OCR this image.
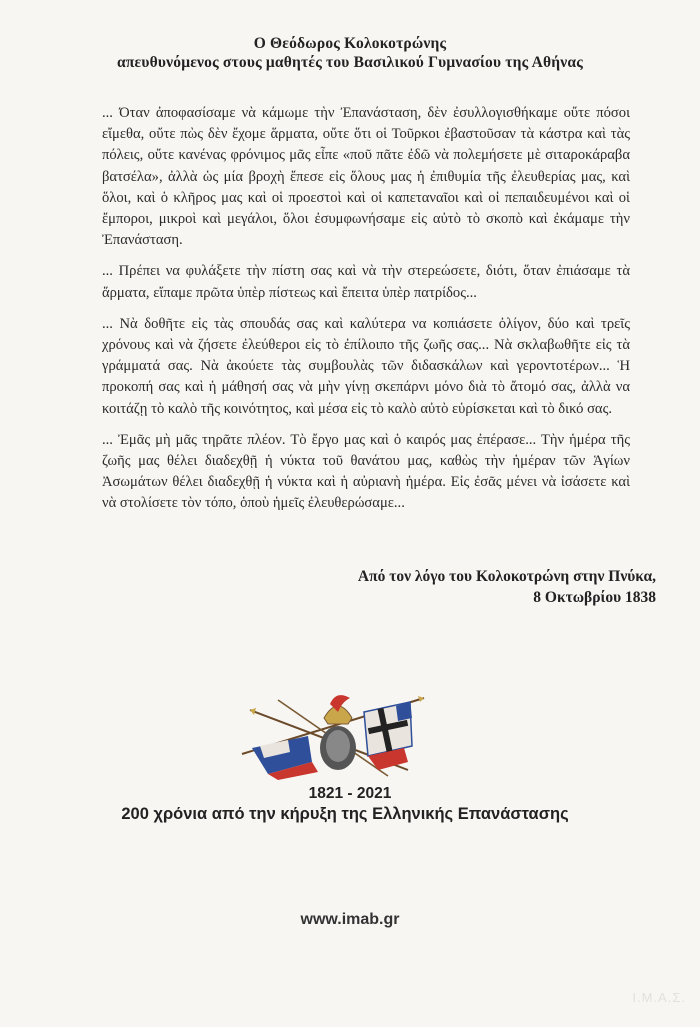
Ο Θεόδωρος Κολοκοτρώνης
απευθυνόμενος στους μαθητές του Βασιλικού Γυμνασίου της Αθήνας

... Όταν ἀποφασίσαμε νὰ κάμωμε τὴν Ἐπανάσταση, δὲν ἐσυλλογισθήκαμε οὔτε πόσοι εἴμεθα, οὔτε πὼς δὲν ἔχομε ἅρματα, οὔτε ὅτι οἱ Τοῦρκοι ἐβαστοῦσαν τὰ κάστρα καὶ τὰς πόλεις, οὔτε κανένας φρόνιμος μᾶς εἶπε «ποῦ πᾶτε ἐδῶ νὰ πολεμήσετε μὲ σιταροκάραβα βατσέλα», ἀλλὰ ὡς μία βροχὴ ἔπεσε εἰς ὅλους μας ἡ ἐπιθυμία τῆς ἐλευθερίας μας, καὶ ὅλοι, καὶ ὁ κλῆρος μας καὶ οἱ προεστοὶ καὶ οἱ καπεταναῖοι καὶ οἱ πεπαιδευμένοι καὶ οἱ ἔμποροι, μικροὶ καὶ μεγάλοι, ὅλοι ἐσυμφωνήσαμε εἰς αὐτὸ τὸ σκοπὸ καὶ ἐκάμαμε τὴν Ἐπανάσταση.

... Πρέπει να φυλάξετε τὴν πίστη σας καὶ νὰ τὴν στερεώσετε, διότι, ὅταν ἐπιάσαμε τὰ ἅρματα, εἴπαμε πρῶτα ὑπὲρ πίστεως καὶ ἔπειτα ὑπὲρ πατρίδος...

... Νὰ δοθῆτε εἰς τὰς σπουδάς σας καὶ καλύτερα να κοπιάσετε ὀλίγον, δύο καὶ τρεῖς χρόνους καὶ νὰ ζήσετε ἐλεύθεροι εἰς τὸ ἐπίλοιπο τῆς ζωῆς σας... Νὰ σκλαβωθῆτε εἰς τὰ γράμματά σας. Νὰ ἀκούετε τὰς συμβουλὰς τῶν διδασκάλων καὶ γεροντοτέρων... Ἡ προκοπή σας καὶ ἡ μάθησή σας νὰ μὴν γίνῃ σκεπάρνι μόνο διὰ τὸ ἄτομό σας, ἀλλὰ να κοιτάζῃ τὸ καλὸ τῆς κοινότητος, καὶ μέσα εἰς τὸ καλὸ αὐτὸ εὑρίσκεται καὶ τὸ δικό σας.

... Ἐμᾶς μὴ μᾶς τηρᾶτε πλέον. Τὸ ἔργο μας καὶ ὁ καιρός μας ἐπέρασε... Τὴν ἡμέρα τῆς ζωῆς μας θέλει διαδεχθῇ ἡ νύκτα τοῦ θανάτου μας, καθὼς τὴν ἡμέραν τῶν Ἁγίων Ἀσωμάτων θέλει διαδεχθῇ ἡ νύκτα καὶ ἡ αὐριανὴ ἡμέρα. Εἰς ἐσᾶς μένει νὰ ἰσάσετε καὶ νὰ στολίσετε τὸν τόπο, ὁποὺ ἡμεῖς ἐλευθερώσαμε...

Από τον λόγο του Κολοκοτρώνη στην Πνύκα,
8 Οκτωβρίου 1838
1821 - 2021
200 χρόνια από την κήρυξη της Ελληνικής Επανάστασης
www.imab.gr
I.M.A.Σ.
